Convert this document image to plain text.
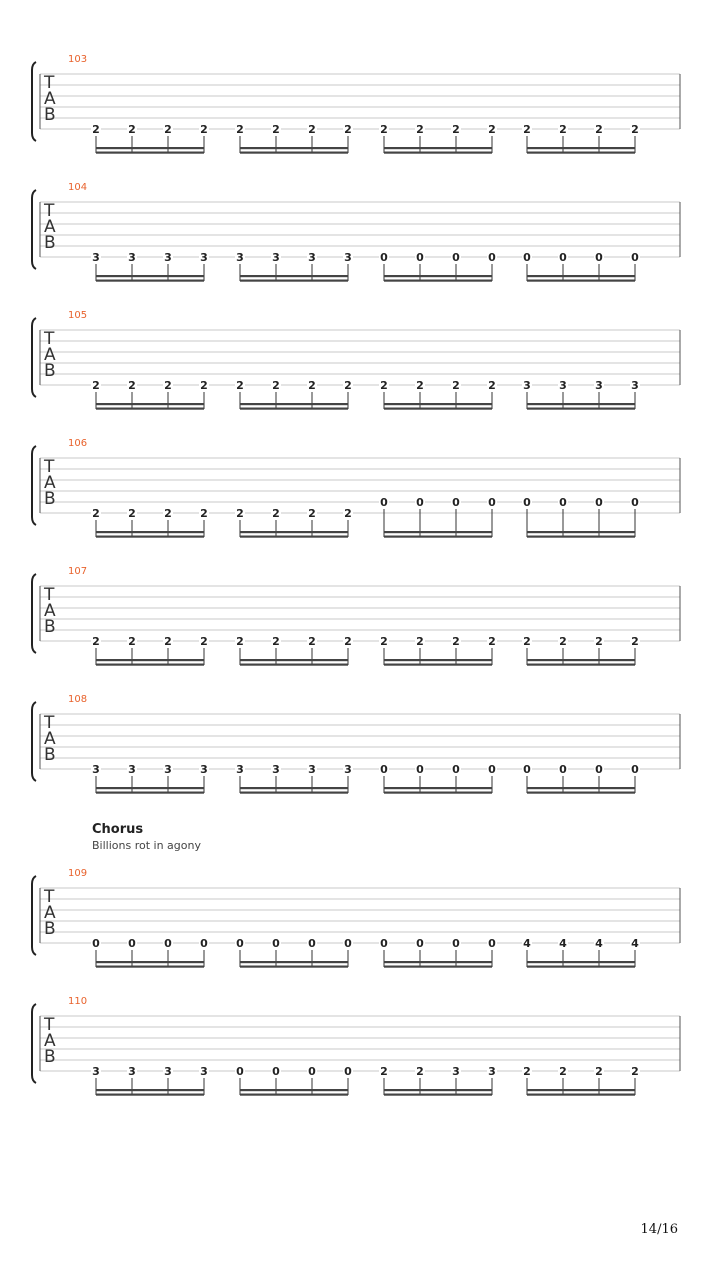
103
T
A
B
2	2	2	2	2	2	2	2	2	2	2	2 2	2	2	2
104
T
A
B
3	3	3	3	3	3	3	3	0	0	0	0 0	0	0	0
105
T
A
B
2	2	2	2	2	2	2	2	2	2	2	2 3	3	3	3
106
T
A
B
2	2	2	2	2	2	2	2
0	0	0	0 0	0	0	0
107
T
A
B
2	2	2	2	2	2	2	2	2	2	2	2 2	2	2	2
108
T
A
B
3	3	3	3	3	3	3	3	0	0	0	0 0	0	0	0
109
T
A
B
0	0	0	0	0	0	0	0	0	0	0	0 4	4	4	4
110
T
A
B
3	3	3	3	0	0	0	0	2	2	3	3 2	2	2	2
Chorus
Billions rot in agony
14/16
